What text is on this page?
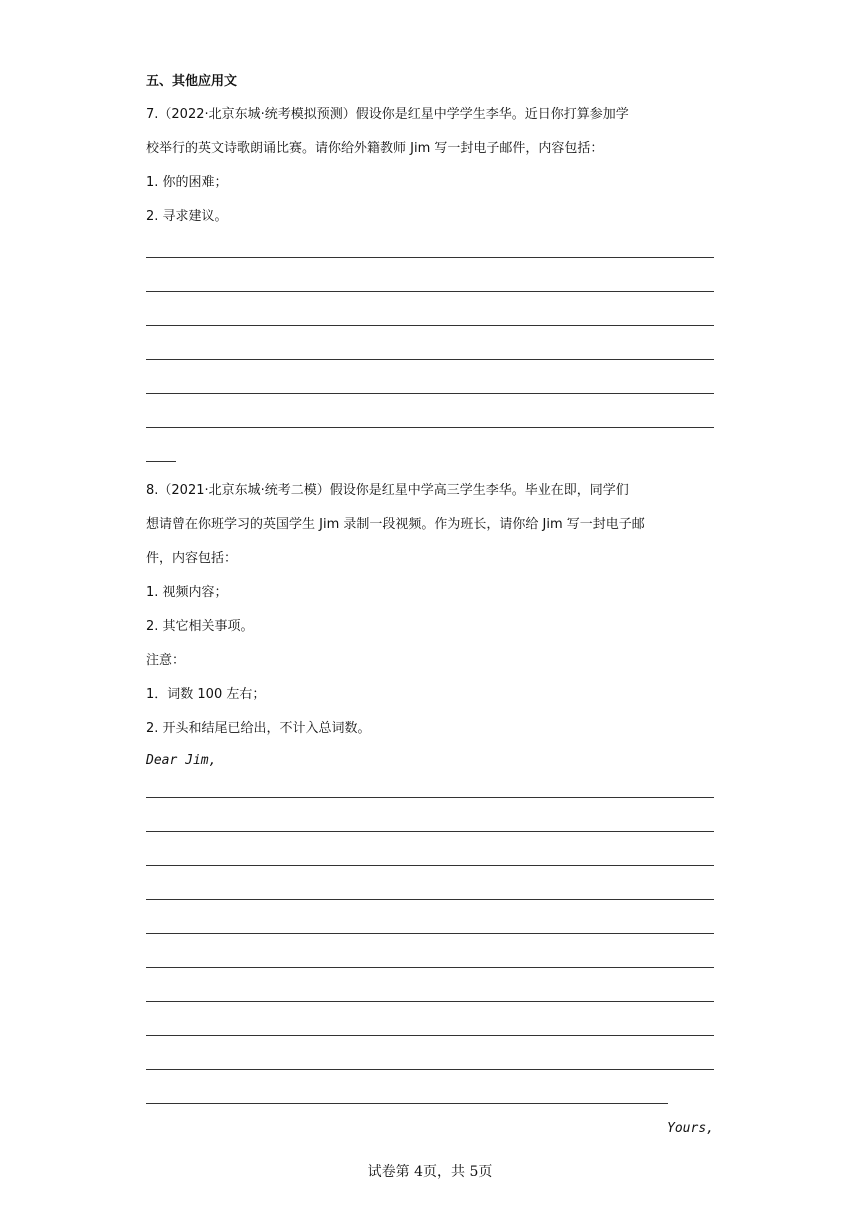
五、其他应用文
7.（2022·北京东城·统考模拟预测）假设你是红星中学学生李华。近日你打算参加学
校举行的英文诗歌朗诵比赛。请你给外籍教师 Jim 写一封电子邮件，内容包括：
1. 你的困难；
2. 寻求建议。
8.（2021·北京东城·统考二模）假设你是红星中学高三学生李华。毕业在即，同学们
想请曾在你班学习的英国学生 Jim 录制一段视频。作为班长，请你给 Jim 写一封电子邮
件，内容包括：
1. 视频内容；
2. 其它相关事项。
注意：
1．词数 100 左右；
2. 开头和结尾已给出，不计入总词数。
Dear Jim,
Yours,
试卷第 4页，共 5页
